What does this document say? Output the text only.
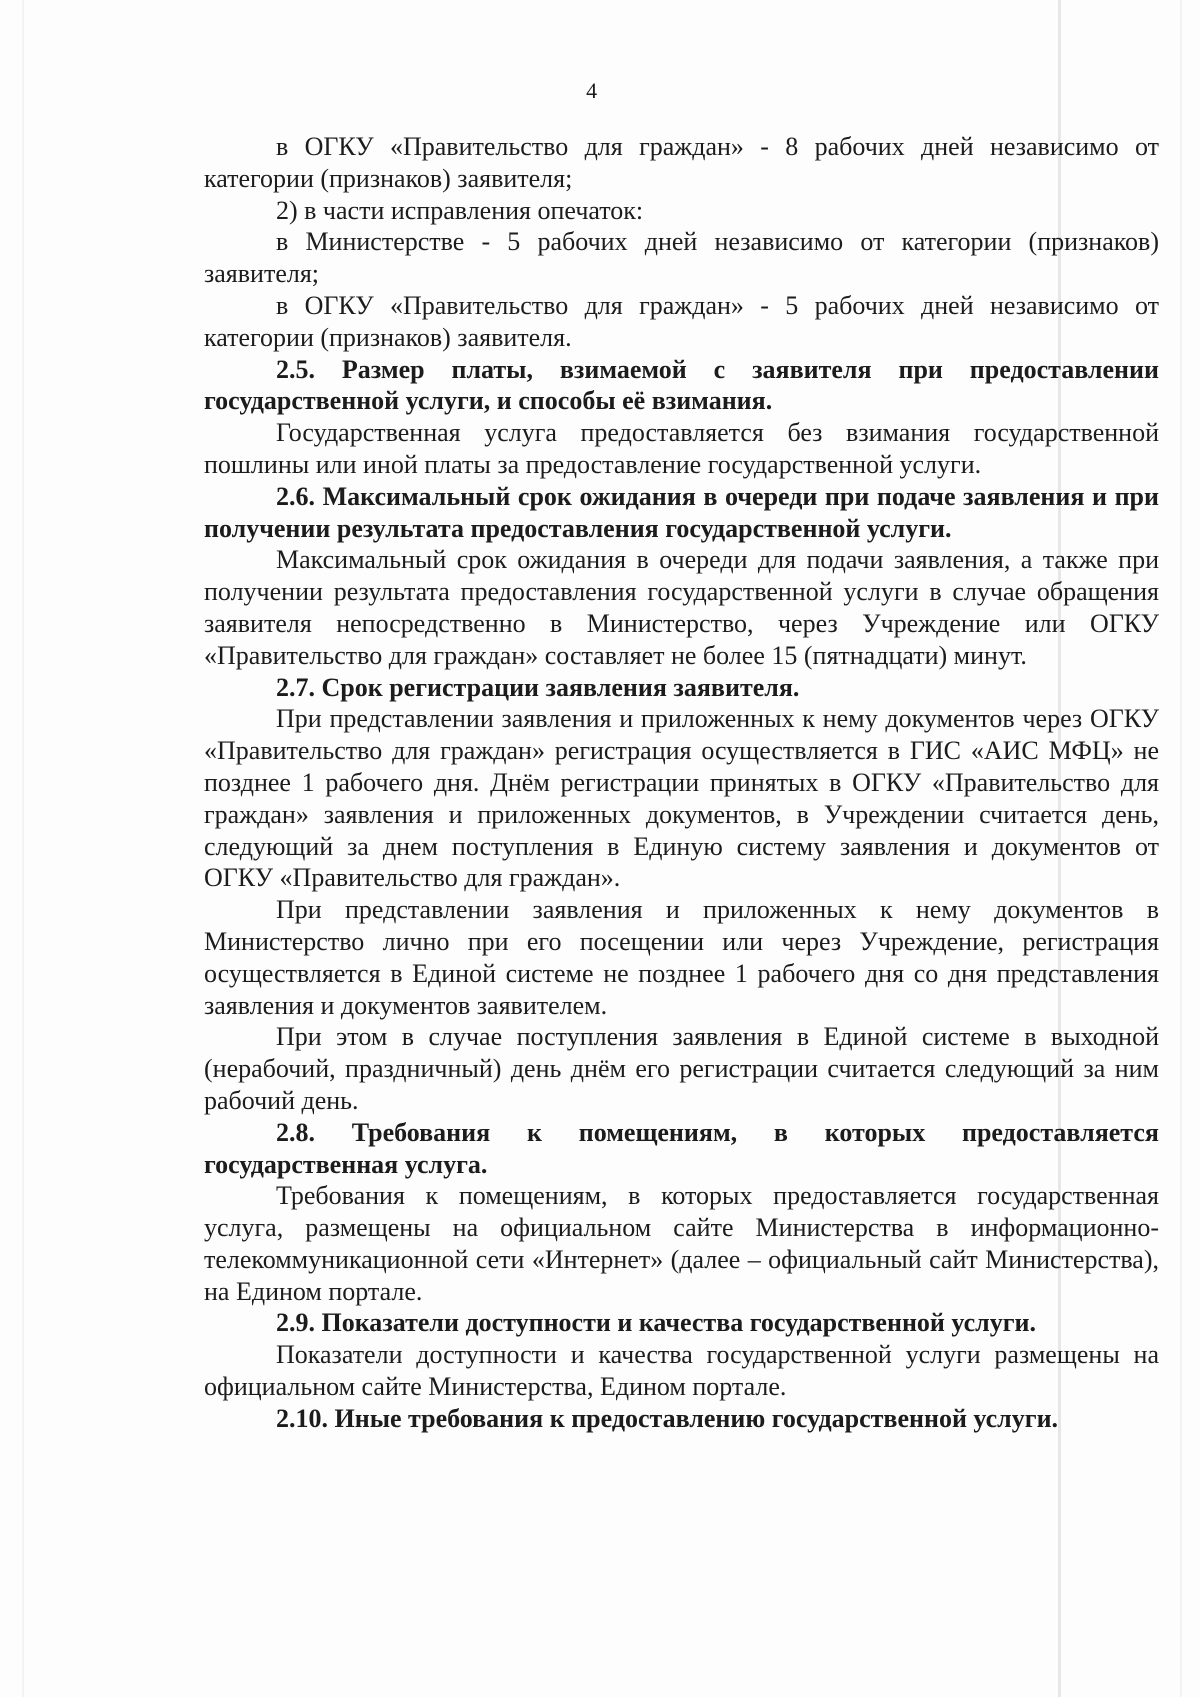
4

в ОГКУ «Правительство для граждан» - 8 рабочих дней независимо от категории (признаков) заявителя;

2) в части исправления опечаток:

в Министерстве - 5 рабочих дней независимо от категории (признаков) заявителя;

в ОГКУ «Правительство для граждан» - 5 рабочих дней независимо от категории (признаков) заявителя.

2.5. Размер платы, взимаемой с заявителя при предоставлении государственной услуги, и способы её взимания.

Государственная услуга предоставляется без взимания государственной пошлины или иной платы за предоставление государственной услуги.

2.6. Максимальный срок ожидания в очереди при подаче заявления и при получении результата предоставления государственной услуги.

Максимальный срок ожидания в очереди для подачи заявления, а также при получении результата предоставления государственной услуги в случае обращения заявителя непосредственно в Министерство, через Учреждение или ОГКУ «Правительство для граждан» составляет не более 15 (пятнадцати) минут.

2.7. Срок регистрации заявления заявителя.

При представлении заявления и приложенных к нему документов через ОГКУ «Правительство для граждан» регистрация осуществляется в ГИС «АИС МФЦ» не позднее 1 рабочего дня. Днём регистрации принятых в ОГКУ «Правительство для граждан» заявления и приложенных документов, в Учреждении считается день, следующий за днем поступления в Единую систему заявления и документов от ОГКУ «Правительство для граждан».

При представлении заявления и приложенных к нему документов в Министерство лично при его посещении или через Учреждение, регистрация осуществляется в Единой системе не позднее 1 рабочего дня со дня представления заявления и документов заявителем.

При этом в случае поступления заявления в Единой системе в выходной (нерабочий, праздничный) день днём его регистрации считается следующий за ним рабочий день.

2.8. Требования к помещениям, в которых предоставляется государственная услуга.

Требования к помещениям, в которых предоставляется государственная услуга, размещены на официальном сайте Министерства в информационно-телекоммуникационной сети «Интернет» (далее – официальный сайт Министерства), на Едином портале.

2.9. Показатели доступности и качества государственной услуги.

Показатели доступности и качества государственной услуги размещены на официальном сайте Министерства, Едином портале.

2.10. Иные требования к предоставлению государственной услуги.
